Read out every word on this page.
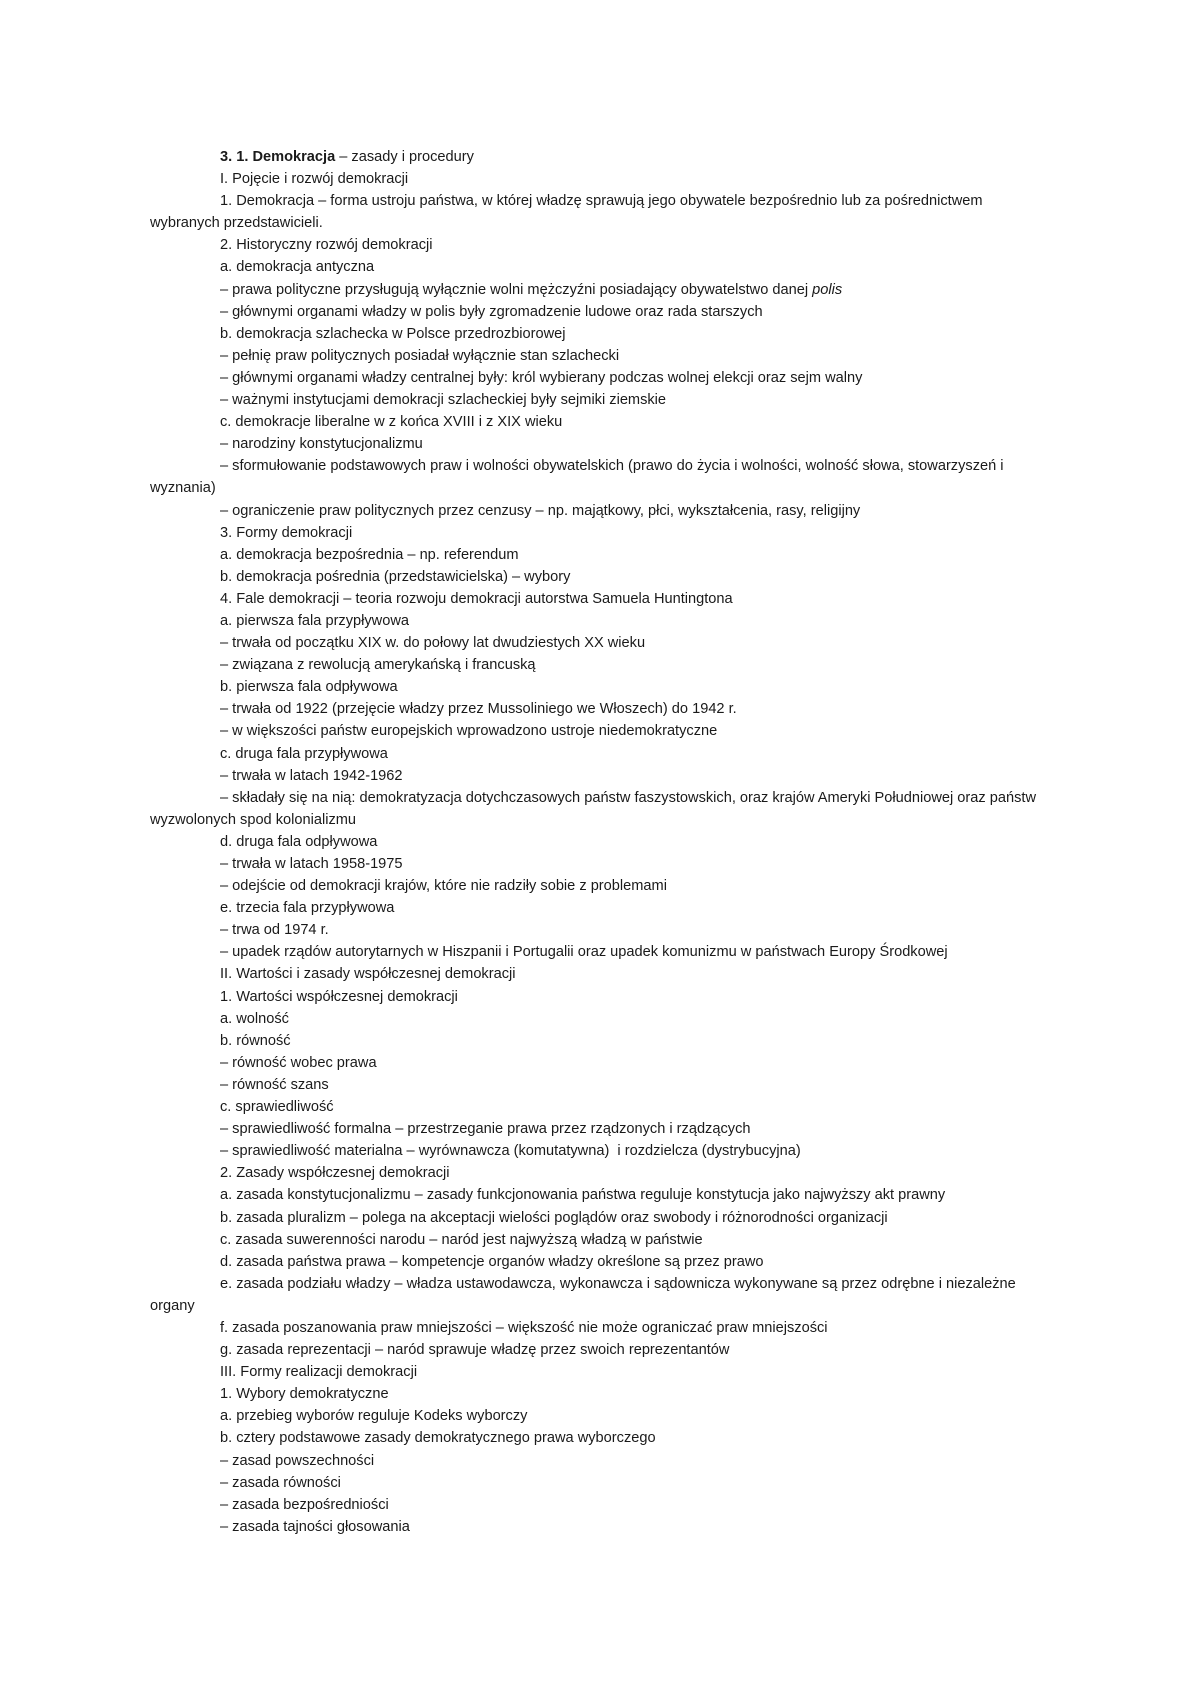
3. 1. Demokracja – zasady i procedury

I. Pojęcie i rozwój demokracji

1. Demokracja – forma ustroju państwa, w której władzę sprawują jego obywatele bezpośrednio lub za pośrednictwem wybranych przedstawicieli.

2. Historyczny rozwój demokracji

a. demokracja antyczna

– prawa polityczne przysługują wyłącznie wolni mężczyźni posiadający obywatelstwo danej polis

– głównymi organami władzy w polis były zgromadzenie ludowe oraz rada starszych

b. demokracja szlachecka w Polsce przedrozbiorowej

– pełnię praw politycznych posiadał wyłącznie stan szlachecki

– głównymi organami władzy centralnej były: król wybierany podczas wolnej elekcji oraz sejm walny

– ważnymi instytucjami demokracji szlacheckiej były sejmiki ziemskie

c. demokracje liberalne w z końca XVIII i z XIX wieku

– narodziny konstytucjonalizmu

– sformułowanie podstawowych praw i wolności obywatelskich (prawo do życia i wolności, wolność słowa, stowarzyszeń i wyznania)

– ograniczenie praw politycznych przez cenzusy – np. majątkowy, płci, wykształcenia, rasy, religijny

3. Formy demokracji

a. demokracja bezpośrednia – np. referendum

b. demokracja pośrednia (przedstawicielska) – wybory

4. Fale demokracji – teoria rozwoju demokracji autorstwa Samuela Huntingtona

a. pierwsza fala przypływowa

– trwała od początku XIX w. do połowy lat dwudziestych XX wieku

– związana z rewolucją amerykańską i francuską

b. pierwsza fala odpływowa

– trwała od 1922 (przejęcie władzy przez Mussoliniego we Włoszech) do 1942 r.

– w większości państw europejskich wprowadzono ustroje niedemokratyczne

c. druga fala przypływowa

– trwała w latach 1942-1962

– składały się na nią: demokratyzacja dotychczasowych państw faszystowskich, oraz krajów Ameryki Południowej oraz państw wyzwolonych spod kolonializmu

d. druga fala odpływowa

– trwała w latach 1958-1975

– odejście od demokracji krajów, które nie radziły sobie z problemami

e. trzecia fala przypływowa

– trwa od 1974 r.

– upadek rządów autorytarnych w Hiszpanii i Portugalii oraz upadek komunizmu w państwach Europy Środkowej

II. Wartości i zasady współczesnej demokracji

1. Wartości współczesnej demokracji

a. wolność

b. równość

– równość wobec prawa

– równość szans

c. sprawiedliwość

– sprawiedliwość formalna – przestrzeganie prawa przez rządzonych i rządzących

– sprawiedliwość materialna – wyrównawcza (komutatywna)  i rozdzielcza (dystrybucyjna)

2. Zasady współczesnej demokracji

a. zasada konstytucjonalizmu – zasady funkcjonowania państwa reguluje konstytucja jako najwyższy akt prawny

b. zasada pluralizm – polega na akceptacji wielości poglądów oraz swobody i różnorodności organizacji

c. zasada suwerenności narodu – naród jest najwyższą władzą w państwie

d. zasada państwa prawa – kompetencje organów władzy określone są przez prawo

e. zasada podziału władzy – władza ustawodawcza, wykonawcza i sądownicza wykonywane są przez odrębne i niezależne organy

f. zasada poszanowania praw mniejszości – większość nie może ograniczać praw mniejszości

g. zasada reprezentacji – naród sprawuje władzę przez swoich reprezentantów

III. Formy realizacji demokracji

1. Wybory demokratyczne

a. przebieg wyborów reguluje Kodeks wyborczy

b. cztery podstawowe zasady demokratycznego prawa wyborczego

– zasad powszechności

– zasada równości

– zasada bezpośredniości

– zasada tajności głosowania
